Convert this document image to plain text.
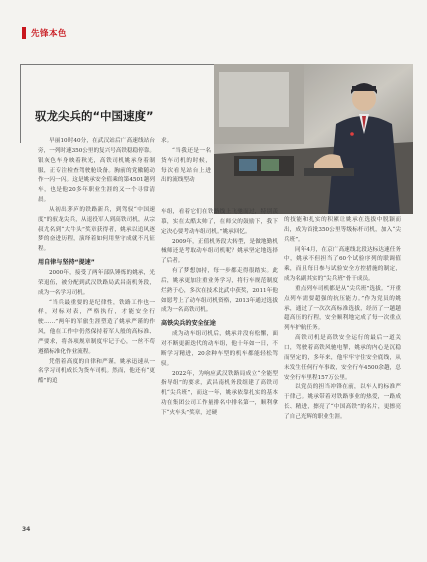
先锋本色
驭龙尖兵的“中国速度”

早丽10时40分，在武汉站后广高速线站台旁，一列时速350公里的复兴号高铁稳稳停靠。银灰色车身映着秋光，高铁司机姚承身着制服，正专注检查驾驶舱设备。胸前的党徽随动作一闪一闪。这是姚承安全值乘的第4501趟列车，也是他20多年职业生涯的又一个寻常清晨。

从初出茅庐的铁路新兵，到驾驭“中国速度”的驭龙尖兵，从退役军人到高铁司机，从宗叔尤名到“大牛头”奖章获得者，姚承以追风逐梦的奋进历程，演绎着如何用坚守成就不凡征程。

用自律与坚持“提速”

2000年，接受了两年部队锤炼的姚承，光荣退伍，被分配到武汉铁路局武昌南机务段，成为一名学习司机。

“当兵最重要的是纪律性，铁路工作也一样，对标对表，严格执行，才能安全行驶……”两年的军旅生涯塑造了姚承严谨的作风，他在工作中仍然保持着军人般的高标准、严要求，将各项规章制度牢记于心，一丝不苟遵循标准化作业流程。

凭借着高度的自律和严谨，姚承迅速从一名学习司机成长为货车司机。然而，他还有“更酷”的追

求。

“当我还是一名货车司机的时候，每次看见站台上进出的流线型动

车组，看着它们在铁路线上飞驰而过，特别羡慕，实在太酷太帅了，在师父的鼓励下，我下定决心要考动车组司机。”姚承回忆。

2009年，正值机务段大转型，是做地勤机械师还是考取动车组司机呢？姚承坚定地选择了后者。

有了梦想加持，每一步都走得很踏实。此后，姚承更加注重业务学习，将行车规范制度烂熟于心，多次在技术比武中获奖，2011年他如愿考上了动车组司机资格，2013年通过选拔成为一名高铁司机。

高铁尖兵的安全征途

成为动车组司机后，姚承并没有松懈，面对不断更新迭代的动车组，他十年如一日，不断学习精进，20余种车型的机车都能轻松驾驭。

2022年，为响应武汉铁路局成立“全能型指导组”的要求，武昌南机务段组建了高铁司机“尖兵班”，而这一年，姚承依靠扎实的基本功在集团公司工作量排名中排名第一，顺利拿下“火车头”奖章，过硬

的技能和扎实的积累让姚承在选拔中脱颖而出，成为首批350公里等级标杆司机，加入“尖兵班”。

同年4月，在京广高速线北段达标达速任务中，姚承不但担当了60个试验序列的联调值乘，而且每日参与试验安全方控措施的制定，成为名副其实的“尖兵班”骨干成员。

重点列车司机都是从“尖兵班”选拔。“开重点列车需要超强的抗压能力。”作为党员的姚承，通过了一次次高标准选拔，经历了一趟趟超高压的行程，安全顺利地完成了每一次重点列车护航任务。

高铁司机是高铁安全运行的最后一道关口，驾驶着高铁风驰电掣，姚承的内心是沉稳而坚定的，多年来，他牢牢守住安全底线，从未发生任何行车事故，安全行车4500余趟，总安全行车里程157万公里。

以党员的担当冲锋在前，以车人的标准严于律己。姚承带着对铁路事业的热爱，一路成长、精进，擦亮了“中国高铁”的名片，更擦亮了自己光辉的职业生涯。

34
